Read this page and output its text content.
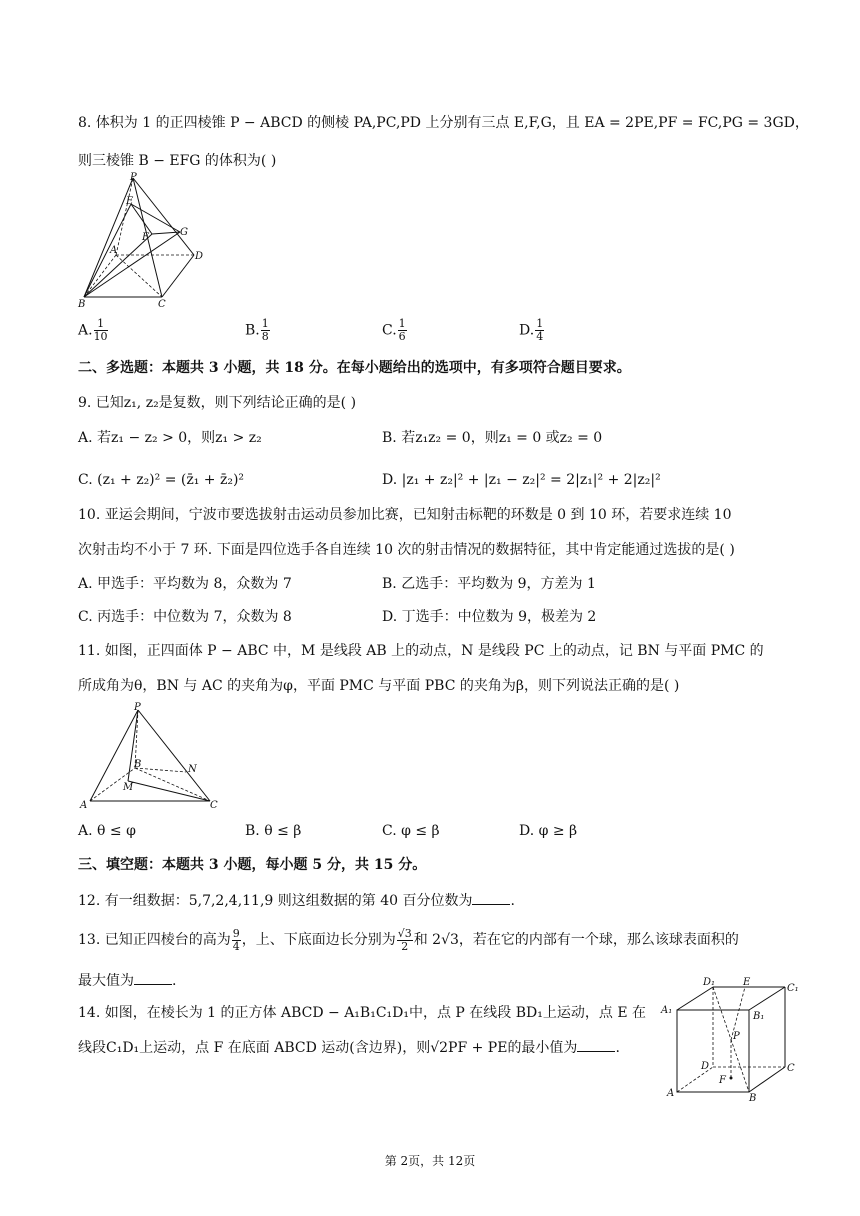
8. 体积为 1 的正四棱锥 P − ABCD 的侧棱 PA,PC,PD 上分别有三点 E,F,G，且 EA = 2PE,PF = FC,PG = 3GD，
则三棱锥 B − EFG 的体积为( )
P
E
A
F	G
D
B	C
A. $\frac{1}{10}$	B. $\frac{1}{8}$	C. $\frac{1}{6}$	D. $\frac{1}{4}$
二、多选题：本题共 3 小题，共 18 分。在每小题给出的选项中，有多项符合题目要求。
9. 已知z₁, z₂是复数，则下列结论正确的是( )
A. 若z₁ − z₂ > 0，则z₁ > z₂	B. 若z₁z₂ = 0，则z₁ = 0 或z₂ = 0
C. (z₁ + z₂)² = (z̄₁ + z̄₂)²	D. |z₁ + z₂|² + |z₁ − z₂|² = 2|z₁|² + 2|z₂|²
10. 亚运会期间，宁波市要选拔射击运动员参加比赛，已知射击标靶的环数是 0 到 10 环，若要求连续 10
次射击均不小于 7 环. 下面是四位选手各自连续 10 次的射击情况的数据特征，其中肯定能通过选拔的是( )
A. 甲选手：平均数为 8，众数为 7	B. 乙选手：平均数为 9，方差为 1
C. 丙选手：中位数为 7，众数为 8	D. 丁选手：中位数为 9，极差为 2
11. 如图，正四面体 P − ABC 中，M 是线段 AB 上的动点，N 是线段 PC 上的动点，记 BN 与平面 PMC 的
所成角为θ，BN 与 AC 的夹角为φ，平面 PMC 与平面 PBC 的夹角为β，则下列说法正确的是( )
P
B	N
M
A	C
A. θ ≤ φ	B. θ ≤ β	C. φ ≤ β	D. φ ≥ β
三、填空题：本题共 3 小题，每小题 5 分，共 15 分。
12. 有一组数据：5,7,2,4,11,9 则这组数据的第 40 百分位数为	.
13. 已知正四棱台的高为 $\frac{9}{4}$ ，上、下底面边长分别为 $\frac{√3}{2}$ 和 2√3，若在它的内部有一个球，那么该球表面积的
最大值为	.
14. 如图，在棱长为 1 的正方体 ABCD − A₁B₁C₁D₁中，点 P 在线段 BD₁上运动，点 E 在
线段C₁D₁上运动，点 F 在底面 ABCD 运动(含边界)，则√2PF + PE的最小值为	.
D₁	E
C₁
A₁
B₁
P
D
F
C
A	B
第 2页，共 12页
